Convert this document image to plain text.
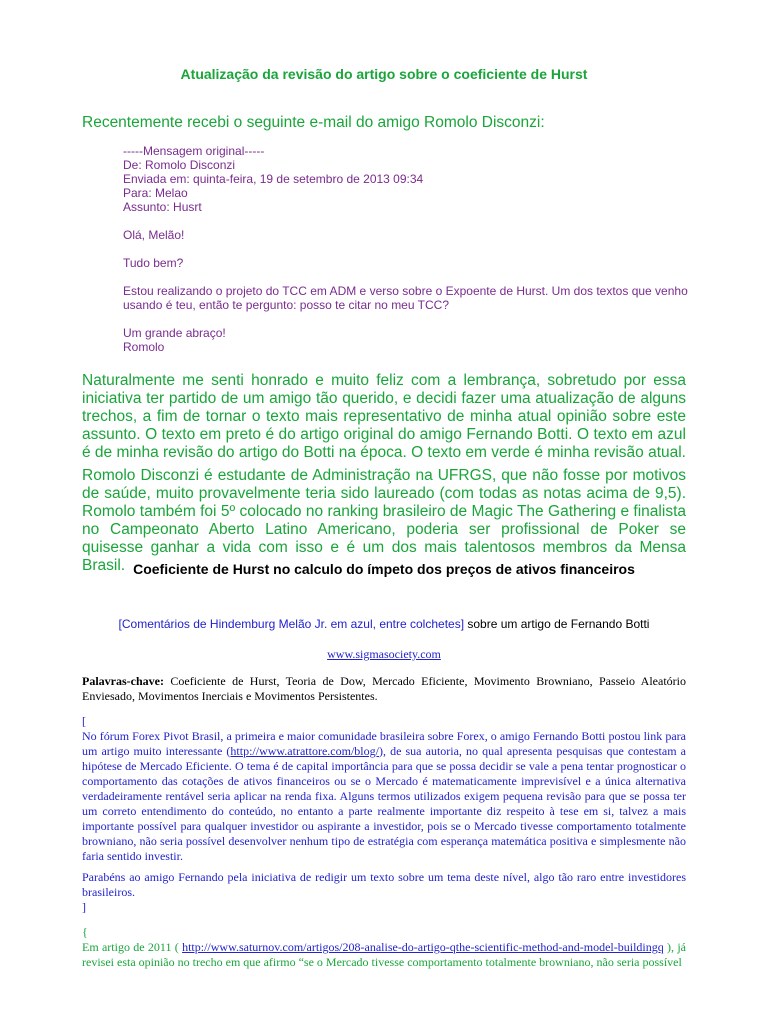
Atualização da revisão do artigo sobre o coeficiente de Hurst
Recentemente recebi o seguinte e-mail do amigo Romolo Disconzi:
-----Mensagem original-----
De: Romolo Disconzi
Enviada em: quinta-feira, 19 de setembro de 2013 09:34
Para: Melao
Assunto: Husrt
Olá, Melão!
Tudo bem?
Estou realizando o projeto do TCC em ADM e verso sobre o Expoente de Hurst. Um dos textos que venho usando é teu, então te pergunto: posso te citar no meu TCC?
Um grande abraço!
Romolo
Naturalmente me senti honrado e muito feliz com a lembrança, sobretudo por essa iniciativa ter partido de um amigo tão querido, e decidi fazer uma atualização de alguns trechos, a fim de tornar o texto mais representativo de minha atual opinião sobre este assunto. O texto em preto é do artigo original do amigo Fernando Botti. O texto em azul é de minha revisão do artigo do Botti na época. O texto em verde é minha revisão atual.
Romolo Disconzi é estudante de Administração na UFRGS, que não fosse por motivos de saúde, muito provavelmente teria sido laureado (com todas as notas acima de 9,5). Romolo também foi 5º colocado no ranking brasileiro de Magic The Gathering e finalista no Campeonato Aberto Latino Americano, poderia ser profissional de Poker se quisesse ganhar a vida com isso e é um dos mais talentosos membros da Mensa Brasil. Coeficiente de Hurst no calculo do ímpeto dos preços de ativos financeiros
[Comentários de Hindemburg Melão Jr. em azul, entre colchetes] sobre um artigo de Fernando Botti
www.sigmasociety.com
Palavras-chave: Coeficiente de Hurst, Teoria de Dow, Mercado Eficiente, Movimento Browniano, Passeio Aleatório Enviesado, Movimentos Inerciais e Movimentos Persistentes.
[
No fórum Forex Pivot Brasil, a primeira e maior comunidade brasileira sobre Forex, o amigo Fernando Botti postou link para um artigo muito interessante (http://www.atrattore.com/blog/), de sua autoria, no qual apresenta pesquisas que contestam a hipótese de Mercado Eficiente. O tema é de capital importância para que se possa decidir se vale a pena tentar prognosticar o comportamento das cotações de ativos financeiros ou se o Mercado é matematicamente imprevisível e a única alternativa verdadeiramente rentável seria aplicar na renda fixa. Alguns termos utilizados exigem pequena revisão para que se possa ter um correto entendimento do conteúdo, no entanto a parte realmente importante diz respeito à tese em si, talvez a mais importante possível para qualquer investidor ou aspirante a investidor, pois se o Mercado tivesse comportamento totalmente browniano, não seria possível desenvolver nenhum tipo de estratégia com esperança matemática positiva e simplesmente não faria sentido investir.
Parabéns ao amigo Fernando pela iniciativa de redigir um texto sobre um tema deste nível, algo tão raro entre investidores brasileiros.
]
{
Em artigo de 2011 ( http://www.saturnov.com/artigos/208-analise-do-artigo-qthe-scientific-method-and-model-buildingq ), já revisei esta opinião no trecho em que afirmo “se o Mercado tivesse comportamento totalmente browniano, não seria possível
